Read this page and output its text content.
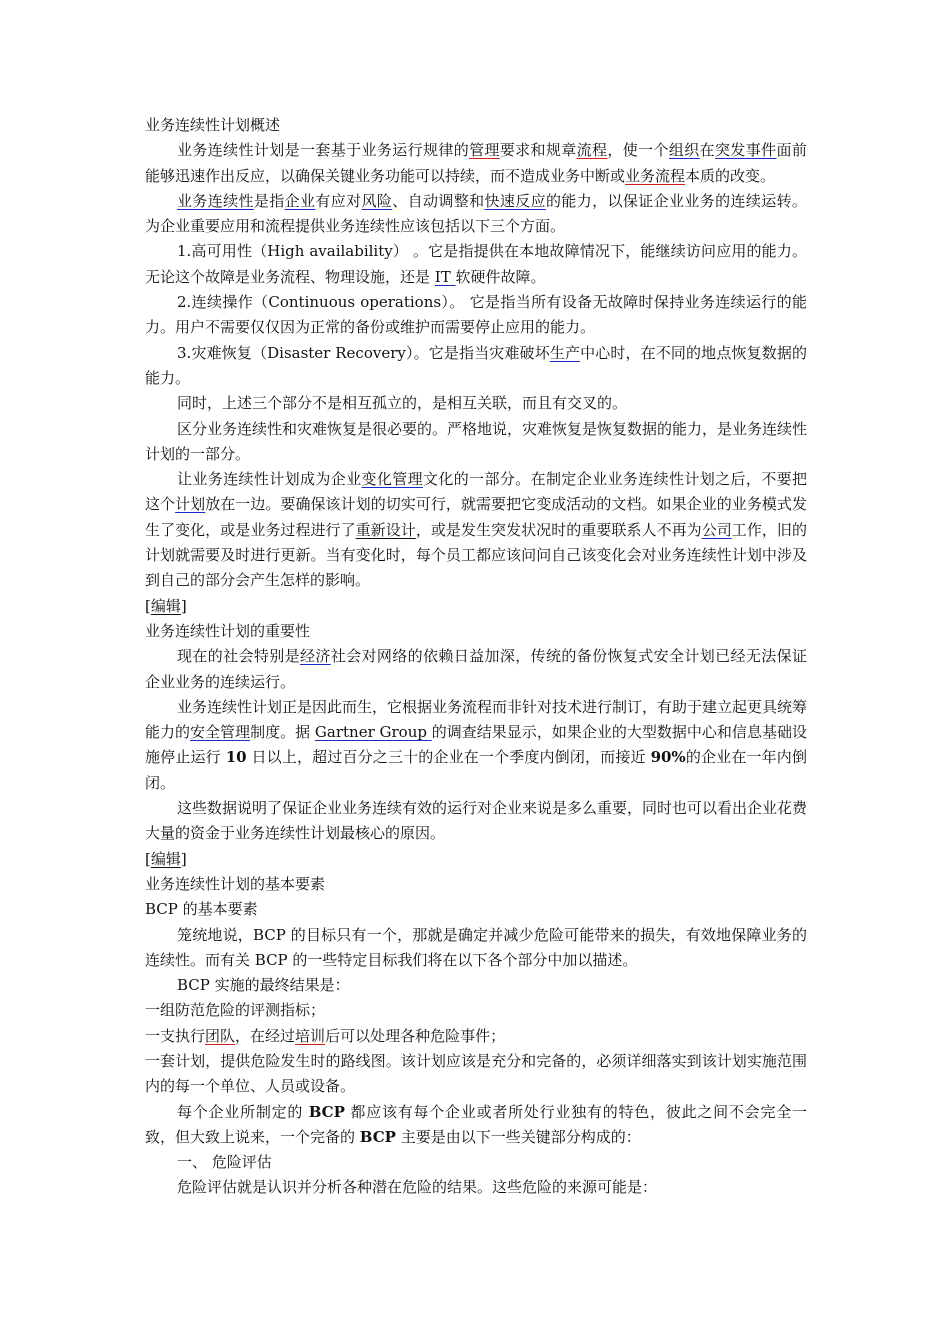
业务连续性计划概述

业务连续性计划是一套基于业务运行规律的管理要求和规章流程，使一个组织在突发事件面前能够迅速作出反应，以确保关键业务功能可以持续，而不造成业务中断或业务流程本质的改变。

业务连续性是指企业有应对风险、自动调整和快速反应的能力，以保证企业业务的连续运转。为企业重要应用和流程提供业务连续性应该包括以下三个方面。

1.高可用性（High availability） 。它是指提供在本地故障情况下，能继续访问应用的能力。无论这个故障是业务流程、物理设施，还是 IT 软硬件故障。

2.连续操作（Continuous operations）。 它是指当所有设备无故障时保持业务连续运行的能力。用户不需要仅仅因为正常的备份或维护而需要停止应用的能力。

3.灾难恢复（Disaster Recovery）。它是指当灾难破坏生产中心时，在不同的地点恢复数据的能力。

同时，上述三个部分不是相互孤立的，是相互关联，而且有交叉的。

区分业务连续性和灾难恢复是很必要的。严格地说，灾难恢复是恢复数据的能力，是业务连续性计划的一部分。

让业务连续性计划成为企业变化管理文化的一部分。在制定企业业务连续性计划之后，不要把这个计划放在一边。要确保该计划的切实可行，就需要把它变成活动的文档。如果企业的业务模式发生了变化，或是业务过程进行了重新设计，或是发生突发状况时的重要联系人不再为公司工作，旧的计划就需要及时进行更新。当有变化时，每个员工都应该问问自己该变化会对业务连续性计划中涉及到自己的部分会产生怎样的影响。

[编辑]

业务连续性计划的重要性

现在的社会特别是经济社会对网络的依赖日益加深，传统的备份恢复式安全计划已经无法保证企业业务的连续运行。

业务连续性计划正是因此而生，它根据业务流程而非针对技术进行制订，有助于建立起更具统筹能力的安全管理制度。据 Gartner Group 的调查结果显示，如果企业的大型数据中心和信息基础设施停止运行 10 日以上，超过百分之三十的企业在一个季度内倒闭，而接近 90%的企业在一年内倒闭。

这些数据说明了保证企业业务连续有效的运行对企业来说是多么重要，同时也可以看出企业花费大量的资金于业务连续性计划最核心的原因。

[编辑]

业务连续性计划的基本要素

BCP 的基本要素

笼统地说，BCP 的目标只有一个，那就是确定并减少危险可能带来的损失，有效地保障业务的连续性。而有关 BCP 的一些特定目标我们将在以下各个部分中加以描述。

BCP 实施的最终结果是：

一组防范危险的评测指标；

一支执行团队，在经过培训后可以处理各种危险事件；

一套计划，提供危险发生时的路线图。该计划应该是充分和完备的，必须详细落实到该计划实施范围内的每一个单位、人员或设备。

每个企业所制定的 BCP 都应该有每个企业或者所处行业独有的特色，彼此之间不会完全一致，但大致上说来，一个完备的 BCP 主要是由以下一些关键部分构成的：

一、 危险评估

危险评估就是认识并分析各种潜在危险的结果。这些危险的来源可能是：
